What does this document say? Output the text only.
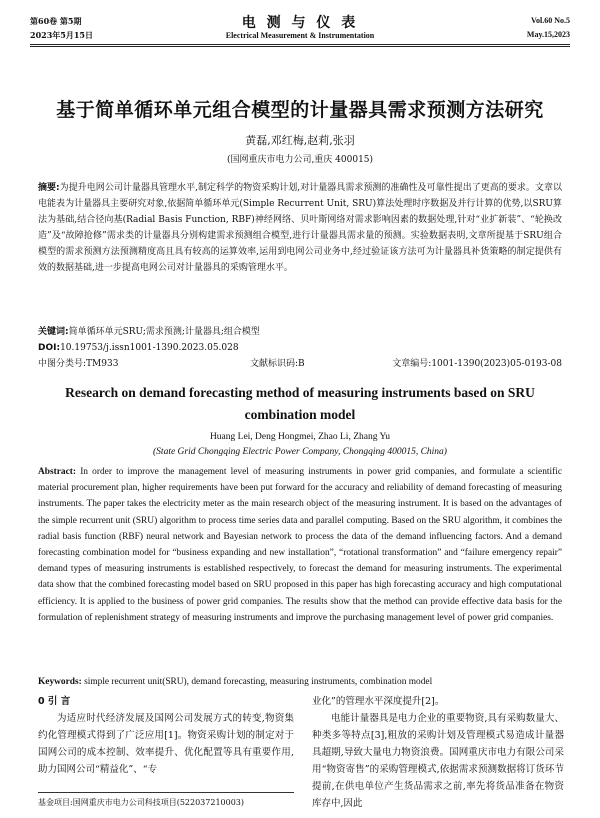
第60卷 第5期
2023年5月15日
电 测 与 仪 表
Electrical Measurement & Instrumentation
Vol.60 No.5
May.15,2023
基于简单循环单元组合模型的计量器具需求预测方法研究
黄磊,邓红梅,赵莉,张羽
(国网重庆市电力公司,重庆 400015)
摘要:为提升电网公司计量器具管理水平,制定科学的物资采购计划,对计量器具需求预测的准确性及可靠性提出了更高的要求。文章以电能表为计量器具主要研究对象,依据简单循环单元(Simple Recurrent Unit, SRU)算法处理时序数据及并行计算的优势,以SRU算法为基础,结合径向基(Radial Basis Function, RBF)神经网络、贝叶斯网络对需求影响因素的数据处理,针对“业扩新装”、“轮换改造”及“故障抢修”需求类的计量器具分别构建需求预测组合模型,进行计量器具需求量的预测。实验数据表明,文章所提基于SRU组合模型的需求预测方法预测精度高且具有较高的运算效率,运用到电网公司业务中,经过验证该方法可为计量器具补货策略的制定提供有效的数据基础,进一步提高电网公司对计量器具的采购管理水平。
关键词:简单循环单元SRU;需求预测;计量器具;组合模型
DOI:10.19753/j.issn1001-1390.2023.05.028
中图分类号:TM933	文献标识码:B	文章编号:1001-1390(2023)05-0193-08
Research on demand forecasting method of measuring instruments based on SRU combination model
Huang Lei, Deng Hongmei, Zhao Li, Zhang Yu
(State Grid Chongqing Electric Power Company, Chongqing 400015, China)
Abstract: In order to improve the management level of measuring instruments in power grid companies, and formulate a scientific material procurement plan, higher requirements have been put forward for the accuracy and reliability of demand forecasting of measuring instruments. The paper takes the electricity meter as the main research object of the measuring instrument. It is based on the advantages of the simple recurrent unit (SRU) algorithm to process time series data and parallel computing. Based on the SRU algorithm, it combines the radial basis function (RBF) neural network and Bayesian network to process the data of the demand influencing factors. And a demand forecasting combination model for “business expanding and new installation”, “rotational transformation” and “failure emergency repair” demand types of measuring instruments is established respectively, to forecast the demand for measuring instruments. The experimental data show that the combined forecasting model based on SRU proposed in this paper has high forecasting accuracy and high computational efficiency. It is applied to the business of power grid companies. The results show that the method can provide effective data basis for the formulation of replenishment strategy of measuring instruments and improve the purchasing management level of power grid companies.
Keywords: simple recurrent unit(SRU), demand forecasting, measuring instruments, combination model
0 引 言
为适应时代经济发展及国网公司发展方式的转变,物资集约化管理模式得到了广泛应用[1]。物资采购计划的制定对于国网公司的成本控制、效率提升、优化配置等具有重要作用,助力国网公司“精益化”、“专
业化”的管理水平深度提升[2]。
电能计量器具是电力企业的重要物资,具有采购数量大、种类多等特点[3],粗放的采购计划及管理模式易造成计量器具超期,导致大量电力物资浪费。国网重庆市电力有限公司采用“物资寄售”的采购管理模式,依据需求预测数据将订货环节提前,在供电单位产生货品需求之前,率先将货品准备在物资库存中,因此
基金项目:国网重庆市电力公司科技项目(522037210003)
